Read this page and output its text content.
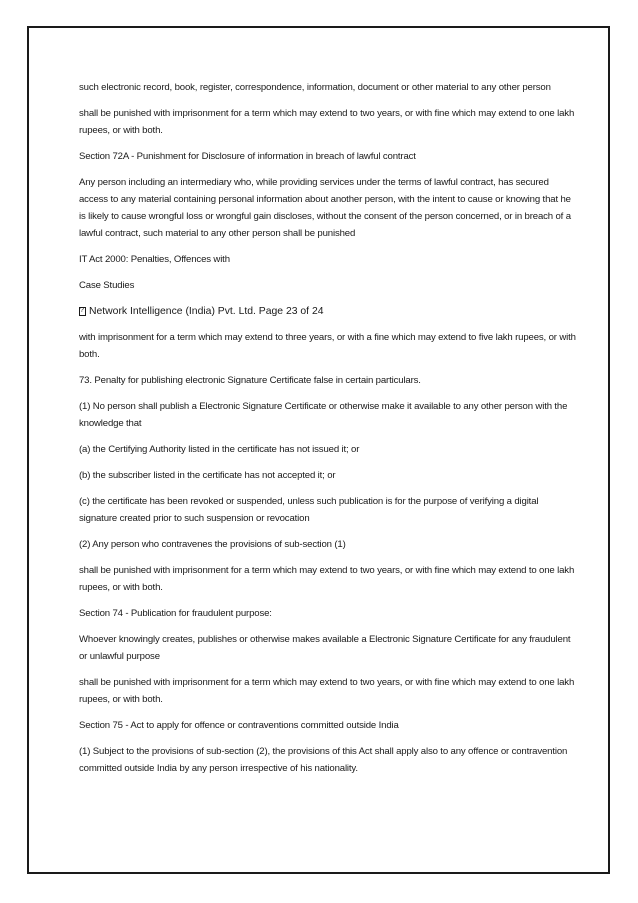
such electronic record, book, register, correspondence, information, document or other material to any other person

shall be punished with imprisonment for a term which may extend to two years, or with fine which may extend to one lakh rupees, or with both.

Section 72A - Punishment for Disclosure of information in breach of lawful contract

Any person including an intermediary who, while providing services under the terms of lawful contract, has secured access to any material containing personal information about another person, with the intent to cause or knowing that he is likely to cause wrongful loss or wrongful gain discloses, without the consent of the person concerned, or in breach of a lawful contract, such material to any other person shall be punished

IT Act 2000: Penalties, Offences with

Case Studies

?
Network Intelligence (India) Pvt. Ltd. Page 23 of 24

with imprisonment for a term which may extend to three years, or with a fine which may extend to five lakh rupees, or with both.

73. Penalty for publishing electronic Signature Certificate false in certain particulars.

(1) No person shall publish a Electronic Signature Certificate or otherwise make it available to any other person with the knowledge that

(a) the Certifying Authority listed in the certificate has not issued it; or

(b) the subscriber listed in the certificate has not accepted it; or

(c) the certificate has been revoked or suspended, unless such publication is for the purpose of verifying a digital signature created prior to such suspension or revocation

(2) Any person who contravenes the provisions of sub-section (1)

shall be punished with imprisonment for a term which may extend to two years, or with fine which may extend to one lakh rupees, or with both.

Section 74 - Publication for fraudulent purpose:

Whoever knowingly creates, publishes or otherwise makes available a Electronic Signature Certificate for any fraudulent or unlawful purpose

shall be punished with imprisonment for a term which may extend to two years, or with fine which may extend to one lakh rupees, or with both.

Section 75 - Act to apply for offence or contraventions committed outside India

(1) Subject to the provisions of sub-section (2), the provisions of this Act shall apply also to any offence or contravention committed outside India by any person irrespective of his nationality.
